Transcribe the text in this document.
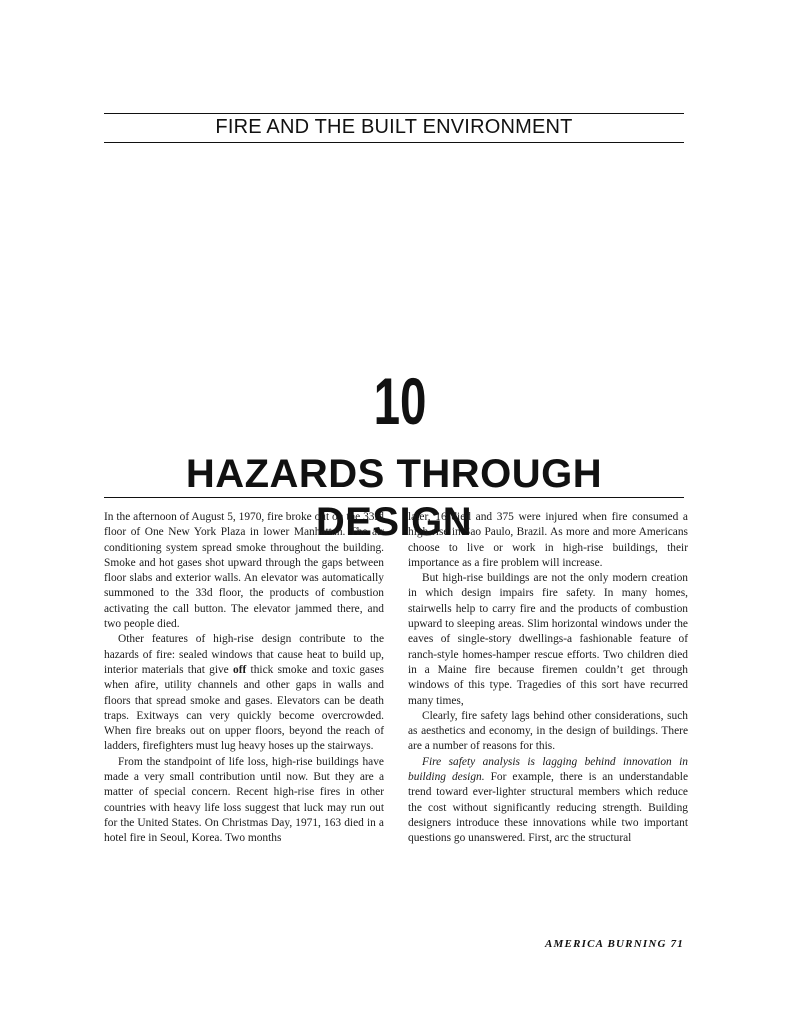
FIRE AND THE BUILT ENVIRONMENT
10
HAZARDS THROUGH DESIGN

In the afternoon of August 5, 1970, fire broke out on the 33rd floor of One New York Plaza in lower Manhattan. The air conditioning system spread smoke throughout the building. Smoke and hot gases shot upward through the gaps between floor slabs and exterior walls. An elevator was automatically summoned to the 33d floor, the products of combustion activating the call button. The elevator jammed there, and two people died.

Other features of high-rise design contribute to the hazards of fire: sealed windows that cause heat to build up, interior materials that give off thick smoke and toxic gases when afire, utility channels and other gaps in walls and floors that spread smoke and gases. Elevators can be death traps. Exitways can very quickly become overcrowded. When fire breaks out on upper floors, beyond the reach of ladders, firefighters must lug heavy hoses up the stairways.

From the standpoint of life loss, high-rise buildings have made a very small contribution until now. But they are a matter of special concern. Recent high-rise fires in other countries with heavy life loss suggest that luck may run out for the United States. On Christmas Day, 1971, 163 died in a hotel fire in Seoul, Korea. Two months

later, 16 died and 375 were injured when fire consumed a high-rise in Sao Paulo, Brazil. As more and more Americans choose to live or work in high-rise buildings, their importance as a fire problem will increase.

But high-rise buildings are not the only modern creation in which design impairs fire safety. In many homes, stairwells help to carry fire and the products of combustion upward to sleeping areas. Slim horizontal windows under the eaves of single-story dwellings-a fashionable feature of ranch-style homes-hamper rescue efforts. Two children died in a Maine fire because firemen couldn’t get through windows of this type. Tragedies of this sort have recurred many times,

Clearly, fire safety lags behind other considerations, such as aesthetics and economy, in the design of buildings. There are a number of reasons for this.

Fire safety analysis is lagging behind innovation in building design. For example, there is an understandable trend toward ever-lighter structural members which reduce the cost without significantly reducing strength. Building designers introduce these innovations while two important questions go unanswered. First, arc the structural

AMERICA BURNING 71
